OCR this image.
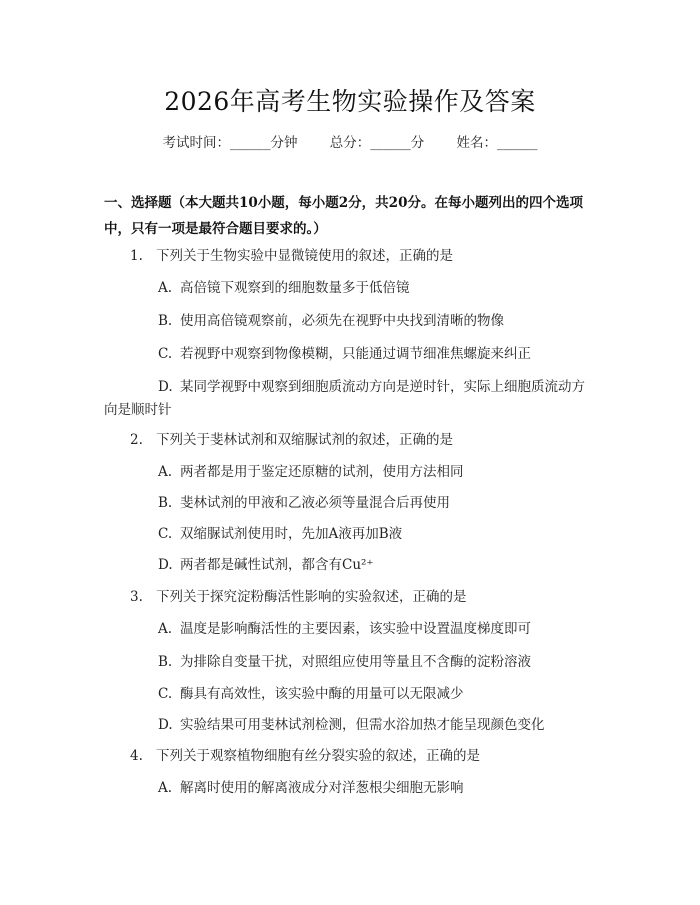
2026年高考生物实验操作及答案
考试时间：______分钟 总分：______分 姓名：______
一、选择题（本大题共10小题，每小题2分，共20分。在每小题列出的四个选项中，只有一项是最符合题目要求的。）
1. 下列关于生物实验中显微镜使用的叙述，正确的是
A. 高倍镜下观察到的细胞数量多于低倍镜
B. 使用高倍镜观察前，必须先在视野中央找到清晰的物像
C. 若视野中观察到物像模糊，只能通过调节细准焦螺旋来纠正
D. 某同学视野中观察到细胞质流动方向是逆时针，实际上细胞质流动方
向是顺时针
2. 下列关于斐林试剂和双缩脲试剂的叙述，正确的是
A. 两者都是用于鉴定还原糖的试剂，使用方法相同
B. 斐林试剂的甲液和乙液必须等量混合后再使用
C. 双缩脲试剂使用时，先加A液再加B液
D. 两者都是碱性试剂，都含有Cu²⁺
3. 下列关于探究淀粉酶活性影响的实验叙述，正确的是
A. 温度是影响酶活性的主要因素，该实验中设置温度梯度即可
B. 为排除自变量干扰，对照组应使用等量且不含酶的淀粉溶液
C. 酶具有高效性，该实验中酶的用量可以无限减少
D. 实验结果可用斐林试剂检测，但需水浴加热才能呈现颜色变化
4. 下列关于观察植物细胞有丝分裂实验的叙述，正确的是
A. 解离时使用的解离液成分对洋葱根尖细胞无影响
